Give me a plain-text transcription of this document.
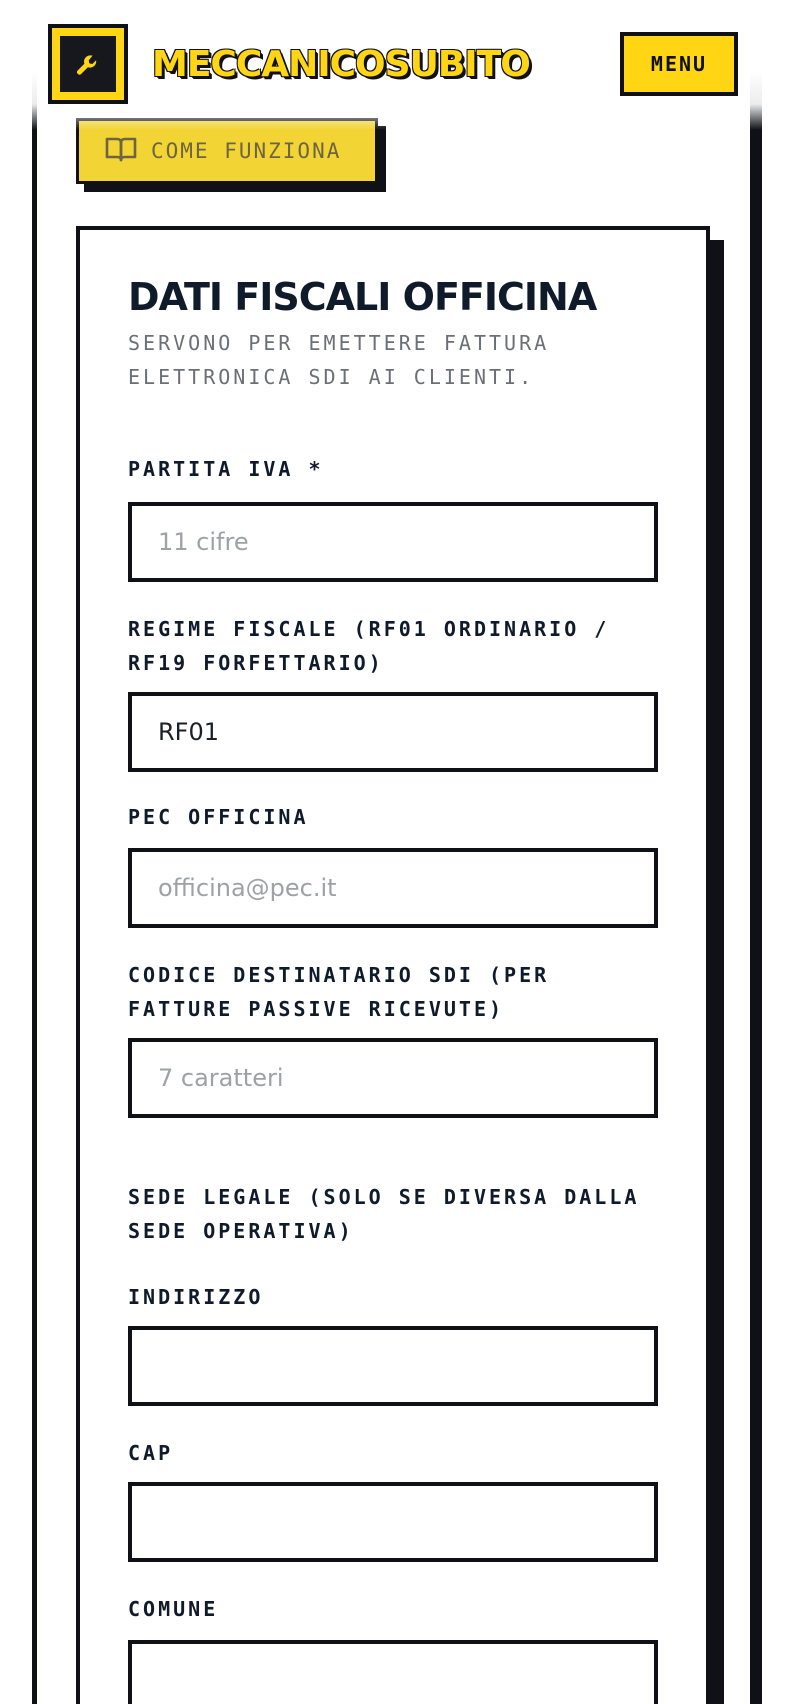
MECCANICOSUBITO	MENU
COME FUNZIONA
DATI FISCALI OFFICINA
SERVONO PER EMETTERE FATTURA ELETTRONICA SDI AI CLIENTI.
PARTITA IVA *
11 cifre
REGIME FISCALE (RF01 ORDINARIO / RF19 FORFETTARIO)
RF01
PEC OFFICINA
officina@pec.it
CODICE DESTINATARIO SDI (PER FATTURE PASSIVE RICEVUTE)
7 caratteri
SEDE LEGALE (SOLO SE DIVERSA DALLA SEDE OPERATIVA)
INDIRIZZO
CAP
COMUNE
